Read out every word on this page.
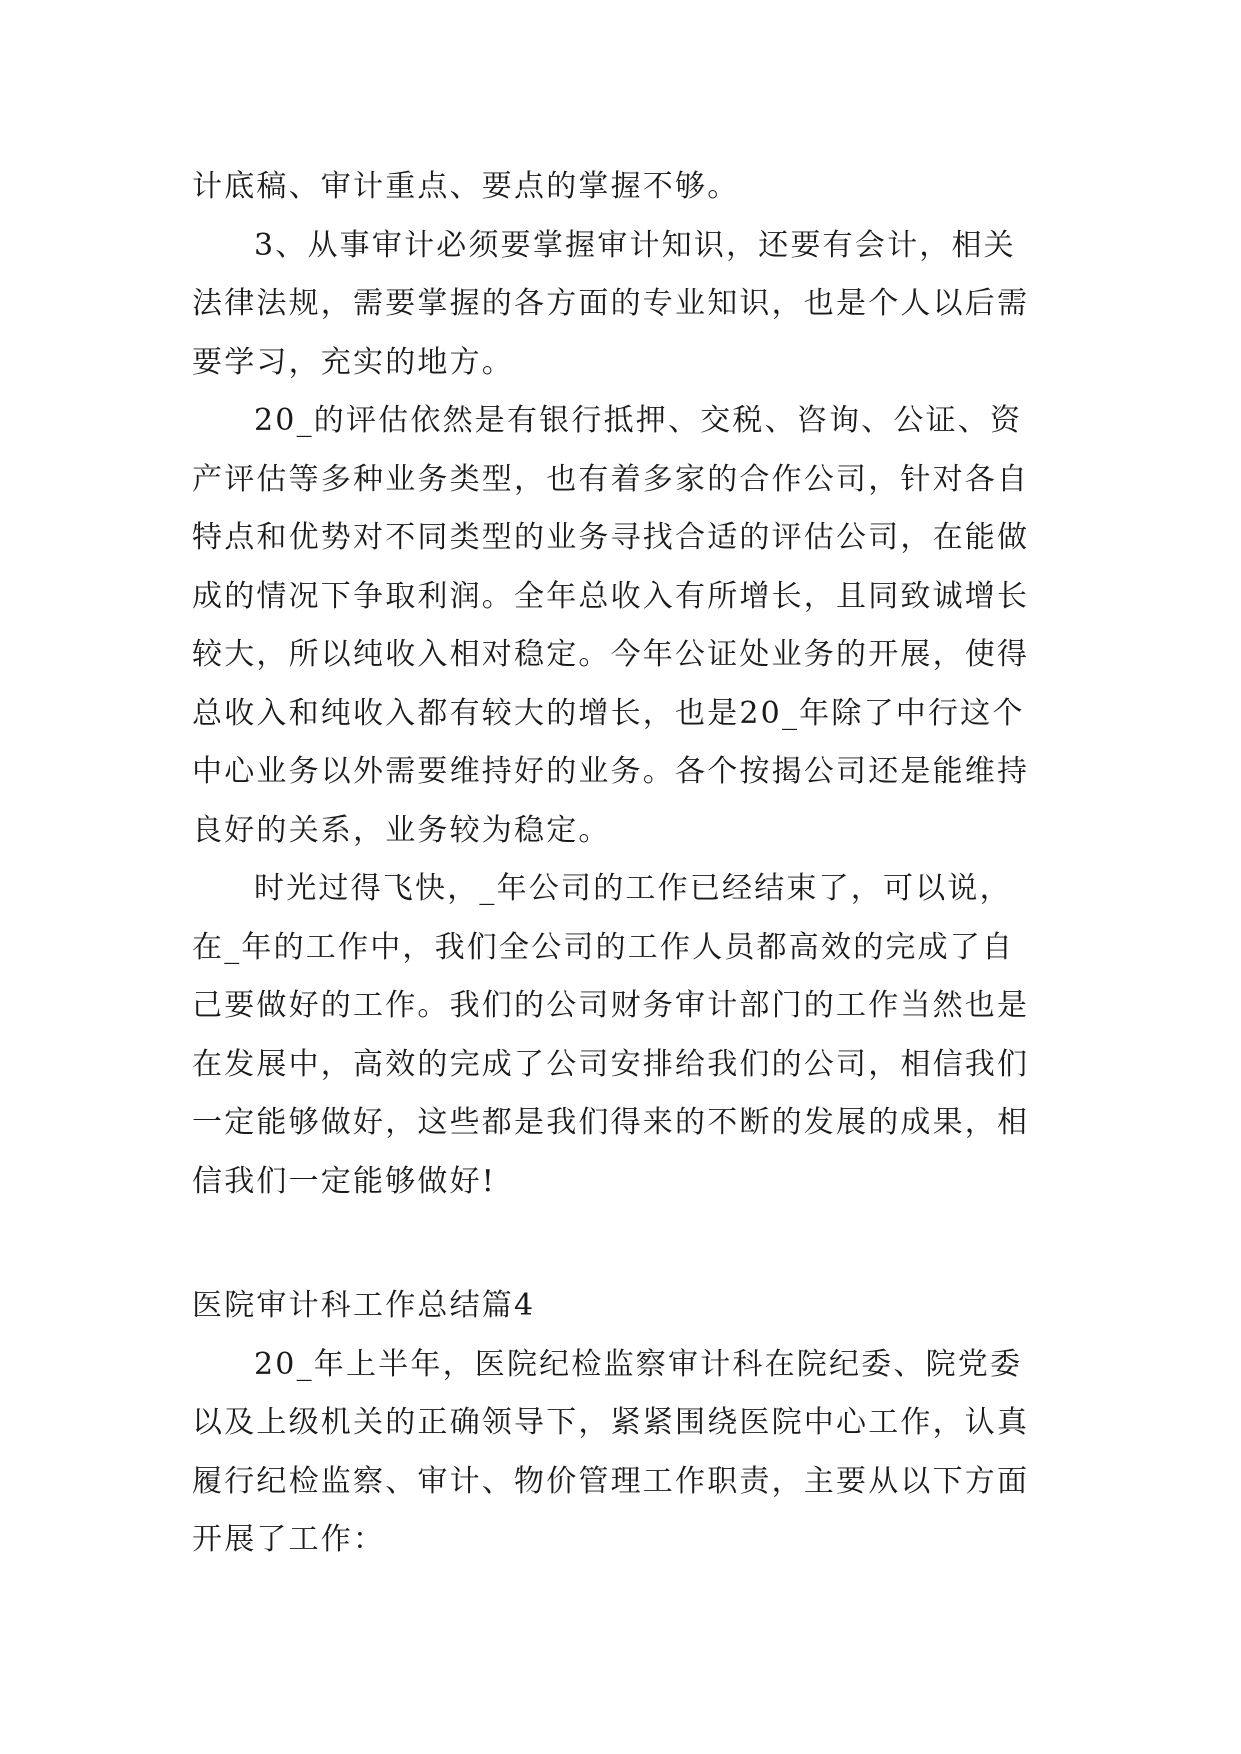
计底稿、审计重点、要点的掌握不够。
3、从事审计必须要掌握审计知识，还要有会计，相关
法律法规，需要掌握的各方面的专业知识，也是个人以后需
要学习，充实的地方。
20_的评估依然是有银行抵押、交税、咨询、公证、资
产评估等多种业务类型，也有着多家的合作公司，针对各自
特点和优势对不同类型的业务寻找合适的评估公司，在能做
成的情况下争取利润。全年总收入有所增长，且同致诚增长
较大，所以纯收入相对稳定。今年公证处业务的开展，使得
总收入和纯收入都有较大的增长，也是20_年除了中行这个
中心业务以外需要维持好的业务。各个按揭公司还是能维持
良好的关系，业务较为稳定。
时光过得飞快，_年公司的工作已经结束了，可以说，
在_年的工作中，我们全公司的工作人员都高效的完成了自
己要做好的工作。我们的公司财务审计部门的工作当然也是
在发展中，高效的完成了公司安排给我们的公司，相信我们
一定能够做好，这些都是我们得来的不断的发展的成果，相
信我们一定能够做好!
医院审计科工作总结篇4
20_年上半年，医院纪检监察审计科在院纪委、院党委
以及上级机关的正确领导下，紧紧围绕医院中心工作，认真
履行纪检监察、审计、物价管理工作职责，主要从以下方面
开展了工作：
